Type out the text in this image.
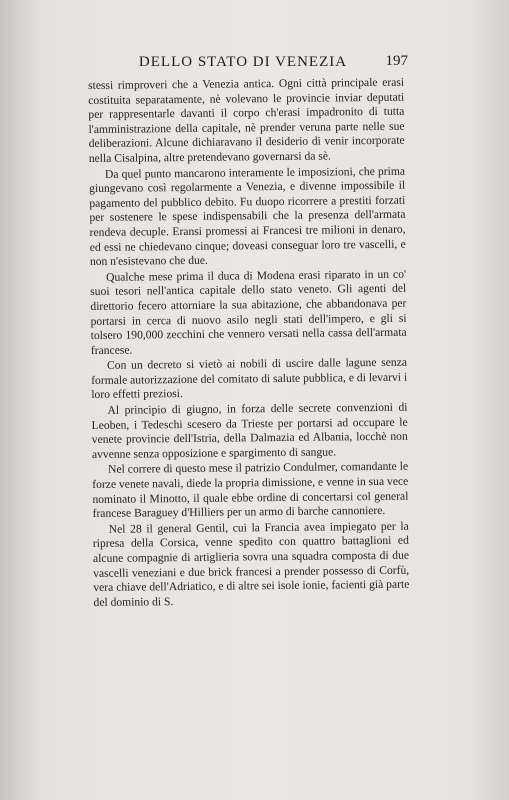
DELLO STATO DI VENEZIA	197

stessi rimproveri che a Venezia antica. Ogni città principale erasi costituita separatamente, nè volevano le provincie inviar deputati per rappresentarle davanti il corpo ch'erasi impadronito di tutta l'amministrazione della capitale, nè prender veruna parte nelle sue deliberazioni. Alcune dichiaravano il desiderio di venir incorporate nella Cisalpina, altre pretendevano governarsi da sè.

Da quel punto mancarono interamente le imposizioni, che prima giungevano così regolarmente a Venezia, e divenne impossibile il pagamento del pubblico debito. Fu duopo ricorrere a prestiti forzati per sostenere le spese indispensabili che la presenza dell'armata rendeva decuple. Eransi promessi ai Francesi tre milioni in denaro, ed essi ne chiedevano cinque; doveasi conseguar loro tre vascelli, e non n'esistevano che due.

Qualche mese prima il duca di Modena erasi riparato in un co' suoi tesori nell'antica capitale dello stato veneto. Gli agenti del direttorio fecero attorniare la sua abitazione, che abbandonava per portarsi in cerca di nuovo asilo negli stati dell'impero, e gli si tolsero 190,000 zecchini che vennero versati nella cassa dell'armata francese.

Con un decreto si vietò ai nobili di uscire dalle lagune senza formale autorizzazione del comitato di salute pubblica, e di levarvi i loro effetti preziosi.

Al principio di giugno, in forza delle secrete convenzioni di Leoben, i Tedeschi scesero da Trieste per portarsi ad occupare le venete provincie dell'Istria, della Dalmazia ed Albania, locchè non avvenne senza opposizione e spargimento di sangue.

Nel correre di questo mese il patrizio Condulmer, comandante le forze venete navali, diede la propria dimissione, e venne in sua vece nominato il Minotto, il quale ebbe ordine di concertarsi col general francese Baraguey d'Hilliers per un armo di barche cannoniere.

Nel 28 il general Gentil, cui la Francia avea impiegato per la ripresa della Corsica, venne spedito con quattro battaglioni ed alcune compagnie di artiglieria sovra una squadra composta di due vascelli veneziani e due brick francesi a prender possesso di Corfù, vera chiave dell'Adriatico, e di altre sei isole ionie, facienti già parte del dominio di S.
